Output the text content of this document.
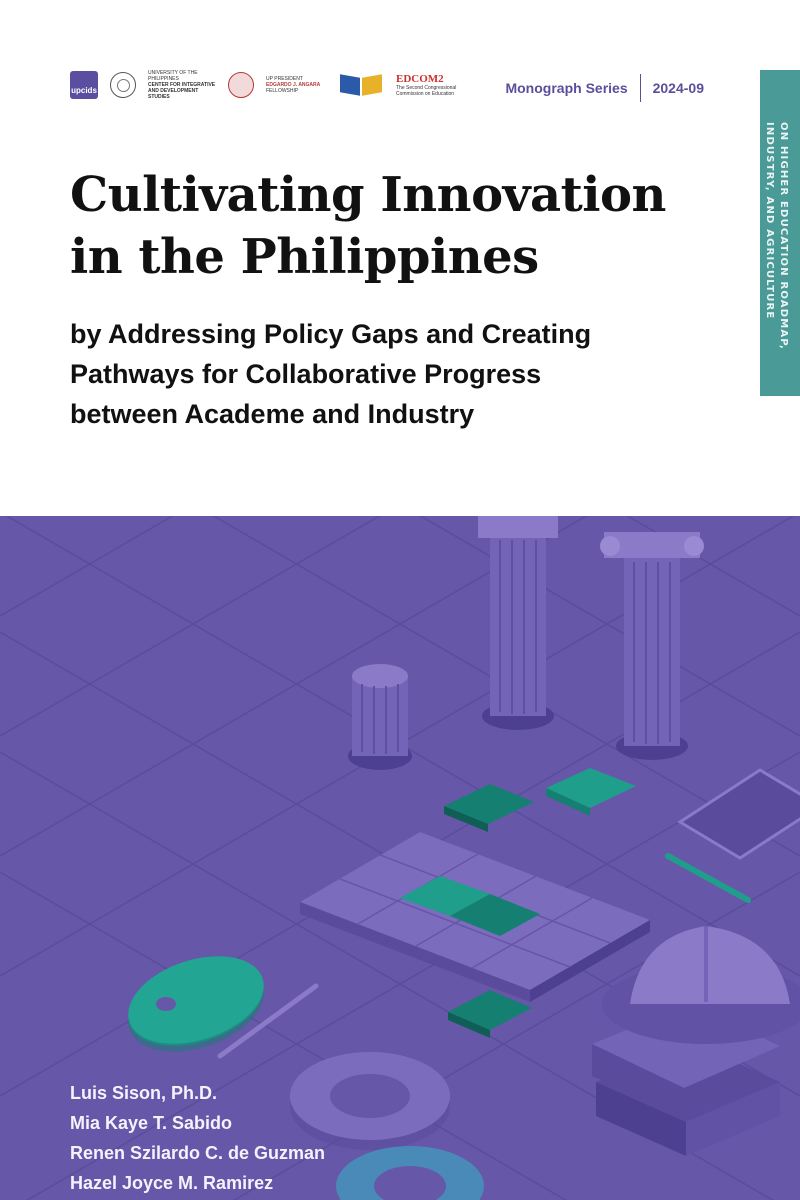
upcids
UNIVERSITY OF THE PHILIPPINES
CENTER FOR INTEGRATIVE AND DEVELOPMENT STUDIES
UP PRESIDENT
EDGARDO J. ANGARA
FELLOWSHIP
EDCOM2
The Second Congressional Commission on Education	Monograph Series 2024-09
ON HIGHER EDUCATION ROADMAP,
INDUSTRY, AND AGRICULTURE
Cultivating Innovation
in the Philippines
by Addressing Policy Gaps and Creating
Pathways for Collaborative Progress
between Academe and Industry
Luis Sison, Ph.D.
Mia Kaye T. Sabido
Renen Szilardo C. de Guzman
Hazel Joyce M. Ramirez
